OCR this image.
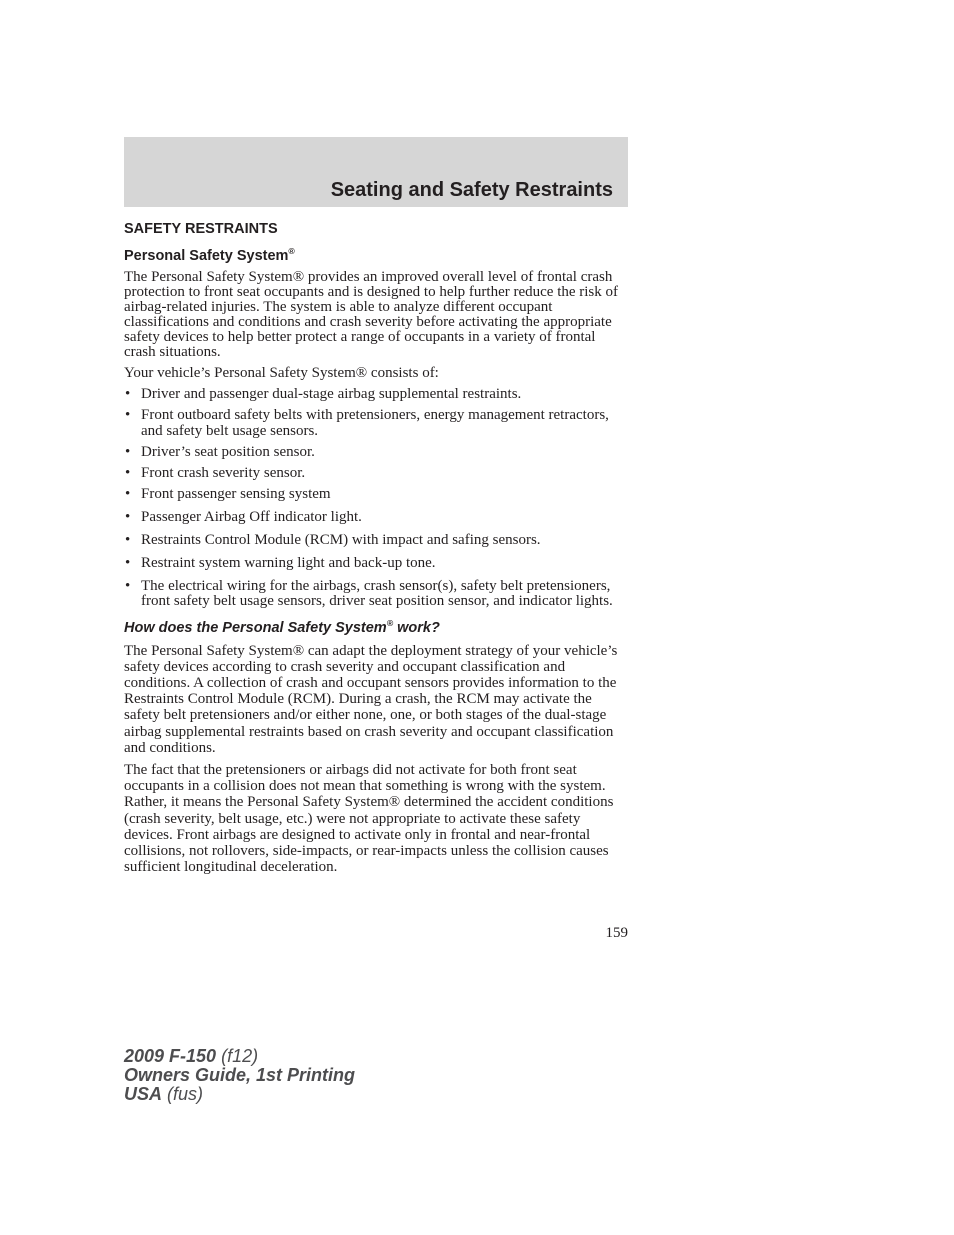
Seating and Safety Restraints
SAFETY RESTRAINTS
Personal Safety System®

The Personal Safety System® provides an improved overall level of frontal crash protection to front seat occupants and is designed to help further reduce the risk of airbag-related injuries. The system is able to analyze different occupant classifications and conditions and crash severity before activating the appropriate safety devices to help better protect a range of occupants in a variety of frontal crash situations.

Your vehicle’s Personal Safety System® consists of:

• Driver and passenger dual-stage airbag supplemental restraints.
• Front outboard safety belts with pretensioners, energy management retractors, and safety belt usage sensors.
• Driver’s seat position sensor.
• Front crash severity sensor.
• Front passenger sensing system
• Passenger Airbag Off indicator light.
• Restraints Control Module (RCM) with impact and safing sensors.
• Restraint system warning light and back-up tone.
• The electrical wiring for the airbags, crash sensor(s), safety belt pretensioners, front safety belt usage sensors, driver seat position sensor, and indicator lights.
How does the Personal Safety System® work?

The Personal Safety System® can adapt the deployment strategy of your vehicle’s safety devices according to crash severity and occupant classification and conditions. A collection of crash and occupant sensors provides information to the Restraints Control Module (RCM). During a crash, the RCM may activate the safety belt pretensioners and/or either none, one, or both stages of the dual-stage airbag supplemental restraints based on crash severity and occupant classification and conditions.

The fact that the pretensioners or airbags did not activate for both front seat occupants in a collision does not mean that something is wrong with the system. Rather, it means the Personal Safety System® determined the accident conditions (crash severity, belt usage, etc.) were not appropriate to activate these safety devices. Front airbags are designed to activate only in frontal and near-frontal collisions, not rollovers, side-impacts, or rear-impacts unless the collision causes sufficient longitudinal deceleration.

159
2009 F-150 (f12)
Owners Guide, 1st Printing
USA (fus)
